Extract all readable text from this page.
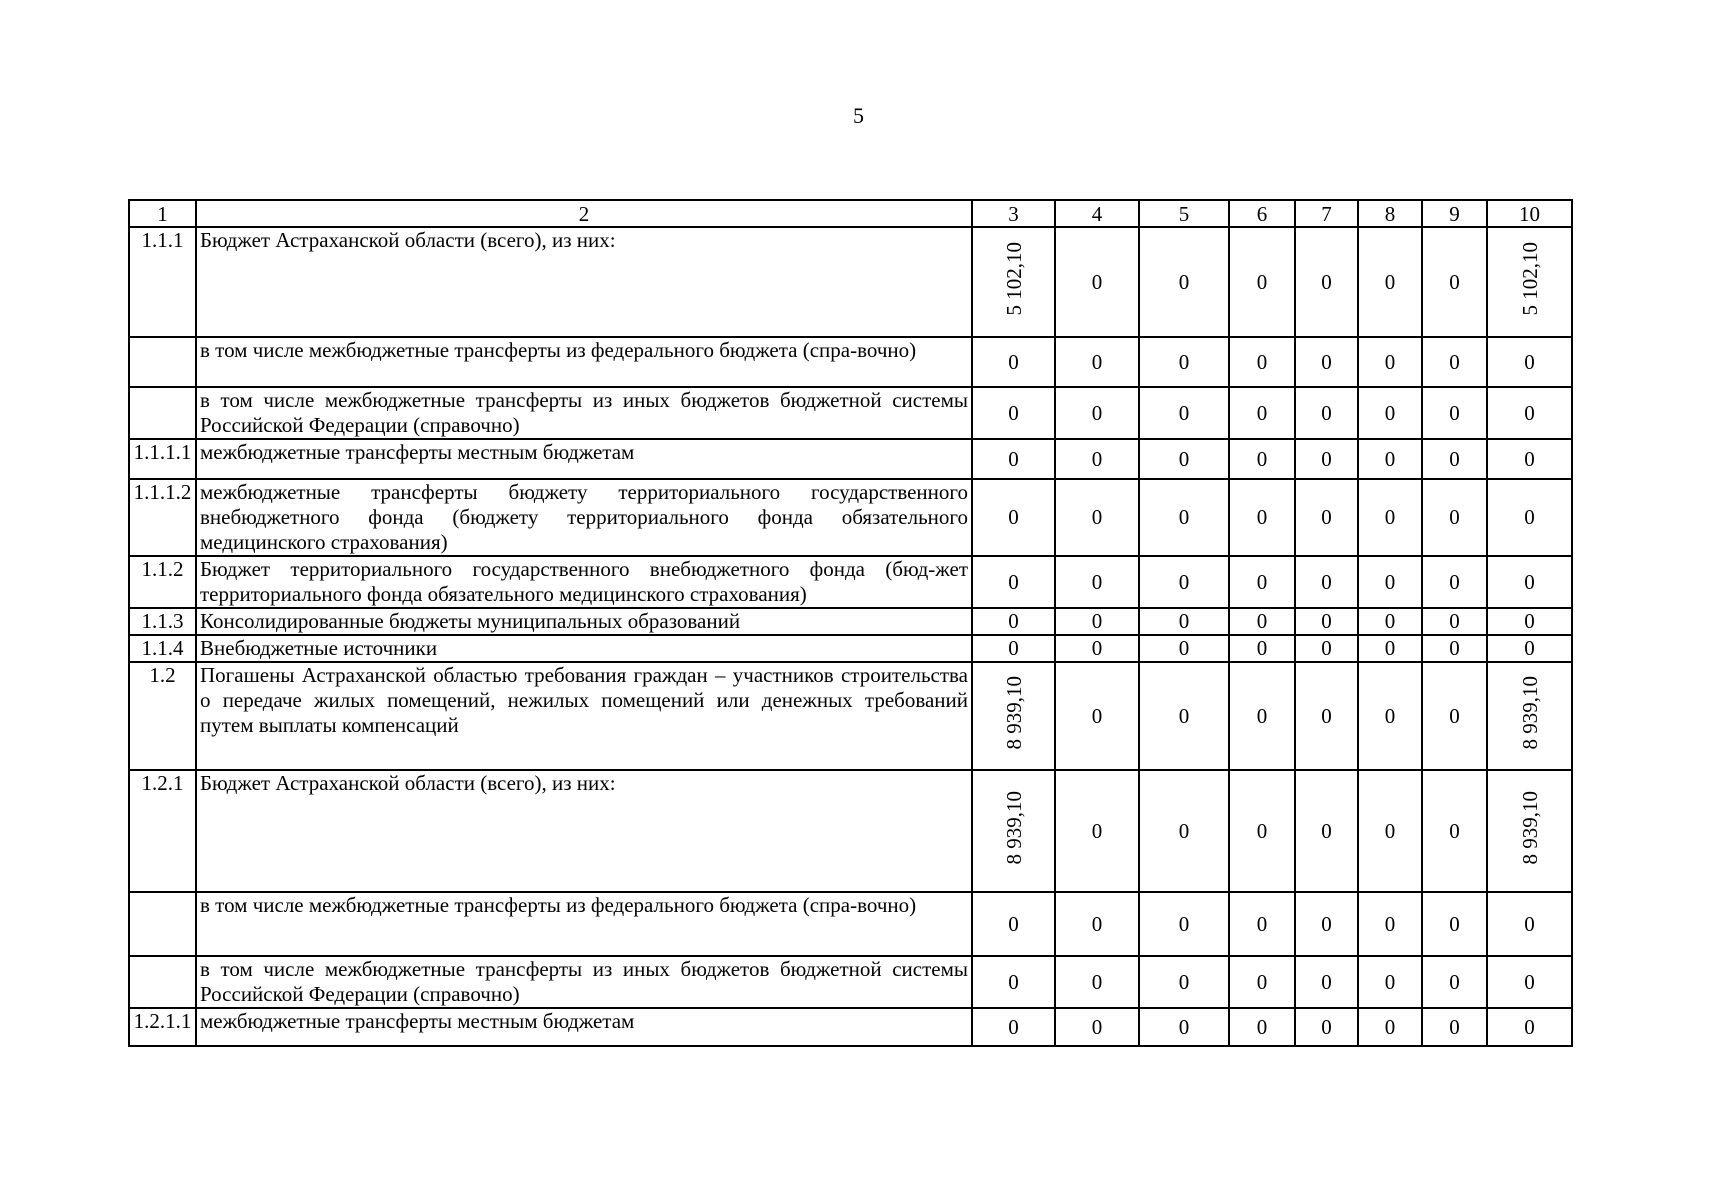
5
1	2	3	4	5	6	7	8	9	10
1.1.1	Бюджет Астраханской области (всего), из них:	5 102,10	0	0	0	0	0	0	5 102,10
	в том числе межбюджетные трансферты из федерального бюджета (спра-вочно)	0	0	0	0	0	0	0	0
	в том числе межбюджетные трансферты из иных бюджетов бюджетной системы Российской Федерации (справочно)	0	0	0	0	0	0	0	0
1.1.1.1	межбюджетные трансферты местным бюджетам	0	0	0	0	0	0	0	0
1.1.1.2	межбюджетные трансферты бюджету территориального государственного внебюджетного фонда (бюджету территориального фонда обязательного медицинского страхования)	0	0	0	0	0	0	0	0
1.1.2	Бюджет территориального государственного внебюджетного фонда (бюд-жет территориального фонда обязательного медицинского страхования)	0	0	0	0	0	0	0	0
1.1.3	Консолидированные бюджеты муниципальных образований	0	0	0	0	0	0	0	0
1.1.4	Внебюджетные источники	0	0	0	0	0	0	0	0
1.2	Погашены Астраханской областью требования граждан – участников строительства о передаче жилых помещений, нежилых помещений или денежных требований путем выплаты компенсаций	8 939,10	0	0	0	0	0	0	8 939,10
1.2.1	Бюджет Астраханской области (всего), из них:	8 939,10	0	0	0	0	0	0	8 939,10
	в том числе межбюджетные трансферты из федерального бюджета (спра-вочно)	0	0	0	0	0	0	0	0
	в том числе межбюджетные трансферты из иных бюджетов бюджетной системы Российской Федерации (справочно)	0	0	0	0	0	0	0	0
1.2.1.1	межбюджетные трансферты местным бюджетам	0	0	0	0	0	0	0	0
